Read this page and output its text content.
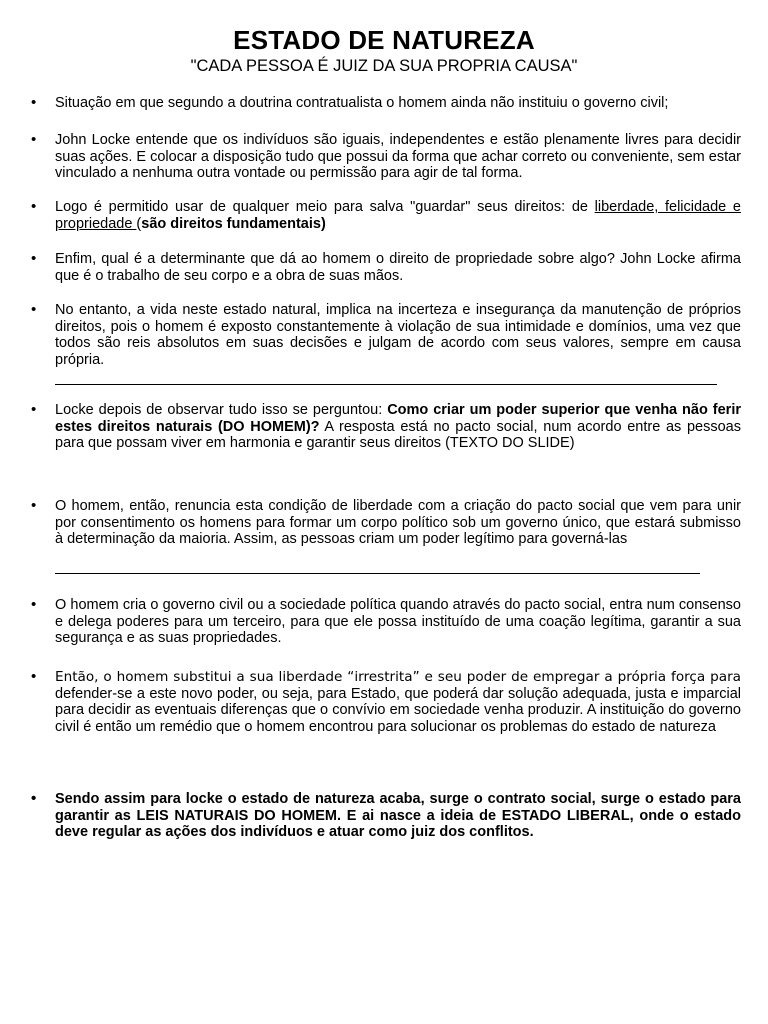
ESTADO DE NATUREZA
"CADA PESSOA É JUIZ DA SUA PROPRIA CAUSA"
• Situação em que segundo a doutrina contratualista o homem ainda não instituiu o governo civil;
• John Locke entende que os indivíduos são iguais, independentes e estão plenamente livres para decidir suas ações. E colocar a disposição tudo que possui da forma que achar correto ou conveniente, sem estar vinculado a nenhuma outra vontade ou permissão para agir de tal forma.
• Logo é permitido usar de qualquer meio para salva "guardar" seus direitos: de liberdade, felicidade e propriedade (são direitos fundamentais)
• Enfim, qual é a determinante que dá ao homem o direito de propriedade sobre algo? John Locke afirma que é o trabalho de seu corpo e a obra de suas mãos.
• No entanto, a vida neste estado natural, implica na incerteza e insegurança da manutenção de próprios direitos, pois o homem é exposto constantemente à violação de sua intimidade e domínios, uma vez que todos são reis absolutos em suas decisões e julgam de acordo com seus valores, sempre em causa própria.
• Locke depois de observar tudo isso se perguntou: Como criar um poder superior que venha não ferir estes direitos naturais (DO HOMEM)? A resposta está no pacto social, num acordo entre as pessoas para que possam viver em harmonia e garantir seus direitos (TEXTO DO SLIDE)
• O homem, então, renuncia esta condição de liberdade com a criação do pacto social que vem para unir por consentimento os homens para formar um corpo político sob um governo único, que estará submisso à determinação da maioria. Assim, as pessoas criam um poder legítimo para governá-las
• O homem cria o governo civil ou a sociedade política quando através do pacto social, entra num consenso e delega poderes para um terceiro, para que ele possa instituído de uma coação legítima, garantir a sua segurança e as suas propriedades.
• Então, o homem substitui a sua liberdade “irrestrita” e seu poder de empregar a própria força para defender-se a este novo poder, ou seja, para Estado, que poderá dar solução adequada, justa e imparcial para decidir as eventuais diferenças que o convívio em sociedade venha produzir. A instituição do governo civil é então um remédio que o homem encontrou para solucionar os problemas do estado de natureza
• Sendo assim para locke o estado de natureza acaba, surge o contrato social, surge o estado para garantir as LEIS NATURAIS DO HOMEM. E ai nasce a ideia de ESTADO LIBERAL, onde o estado deve regular as ações dos indivíduos e atuar como juiz dos conflitos.
